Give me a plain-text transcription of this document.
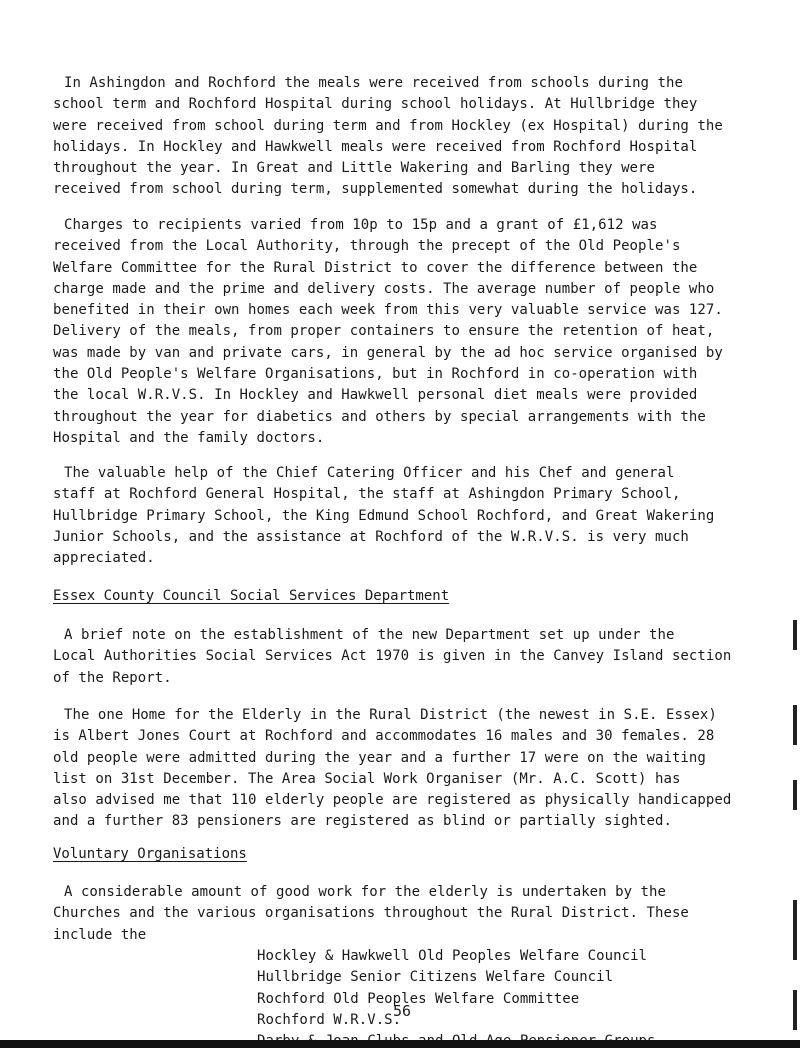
In Ashingdon and Rochford the meals were received from schools during the
school term and Rochford Hospital during school holidays. At Hullbridge they
were received from school during term and from Hockley (ex Hospital) during the
holidays. In Hockley and Hawkwell meals were received from Rochford Hospital
throughout the year. In Great and Little Wakering and Barling they were
received from school during term, supplemented somewhat during the holidays.
Charges to recipients varied from 10p to 15p and a grant of £1,612 was
received from the Local Authority, through the precept of the Old People's
Welfare Committee for the Rural District to cover the difference between the
charge made and the prime and delivery costs. The average number of people who
benefited in their own homes each week from this very valuable service was 127.
Delivery of the meals, from proper containers to ensure the retention of heat,
was made by van and private cars, in general by the ad hoc service organised by
the Old People's Welfare Organisations, but in Rochford in co-operation with
the local W.R.V.S. In Hockley and Hawkwell personal diet meals were provided
throughout the year for diabetics and others by special arrangements with the
Hospital and the family doctors.
The valuable help of the Chief Catering Officer and his Chef and general
staff at Rochford General Hospital, the staff at Ashingdon Primary School,
Hullbridge Primary School, the King Edmund School Rochford, and Great Wakering
Junior Schools, and the assistance at Rochford of the W.R.V.S. is very much
appreciated.
Essex County Council Social Services Department
A brief note on the establishment of the new Department set up under the
Local Authorities Social Services Act 1970 is given in the Canvey Island section
of the Report.
The one Home for the Elderly in the Rural District (the newest in S.E. Essex)
is Albert Jones Court at Rochford and accommodates 16 males and 30 females. 28
old people were admitted during the year and a further 17 were on the waiting
list on 31st December. The Area Social Work Organiser (Mr. A.C. Scott) has
also advised me that 110 elderly people are registered as physically handicapped
and a further 83 pensioners are registered as blind or partially sighted.
Voluntary Organisations
A considerable amount of good work for the elderly is undertaken by the
Churches and the various organisations throughout the Rural District. These
include the
Hockley & Hawkwell Old Peoples Welfare Council
Hullbridge Senior Citizens Welfare Council
Rochford Old Peoples Welfare Committee
Rochford W.R.V.S.
56
